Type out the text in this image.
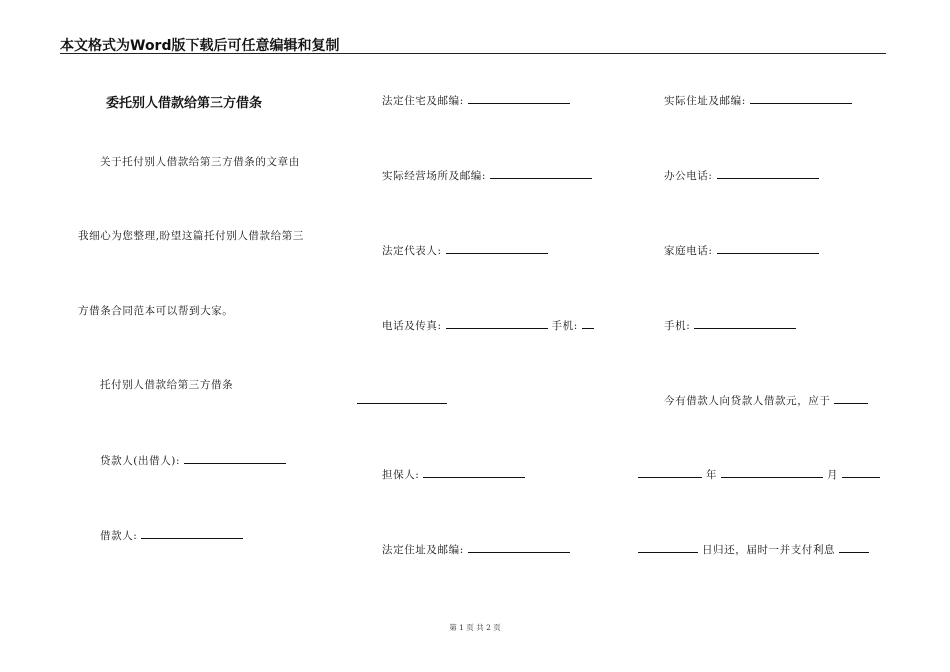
本文格式为Word版下载后可任意编辑和复制
委托别人借款给第三方借条
关于托付别人借款给第三方借条的文章由
我细心为您整理,盼望这篇托付别人借款给第三
方借条合同范本可以帮到大家。
托付别人借款给第三方借条
贷款人(出借人):
借款人:
法定住宅及邮编:
实际经营场所及邮编:
法定代表人:
电话及传真:	手机:
担保人:
法定住址及邮编:
实际住址及邮编:
办公电话:
家庭电话:
手机:
今有借款人向贷款人借款元，应于
年	月
日归还，届时一并支付利息
第 1 页 共 2 页
